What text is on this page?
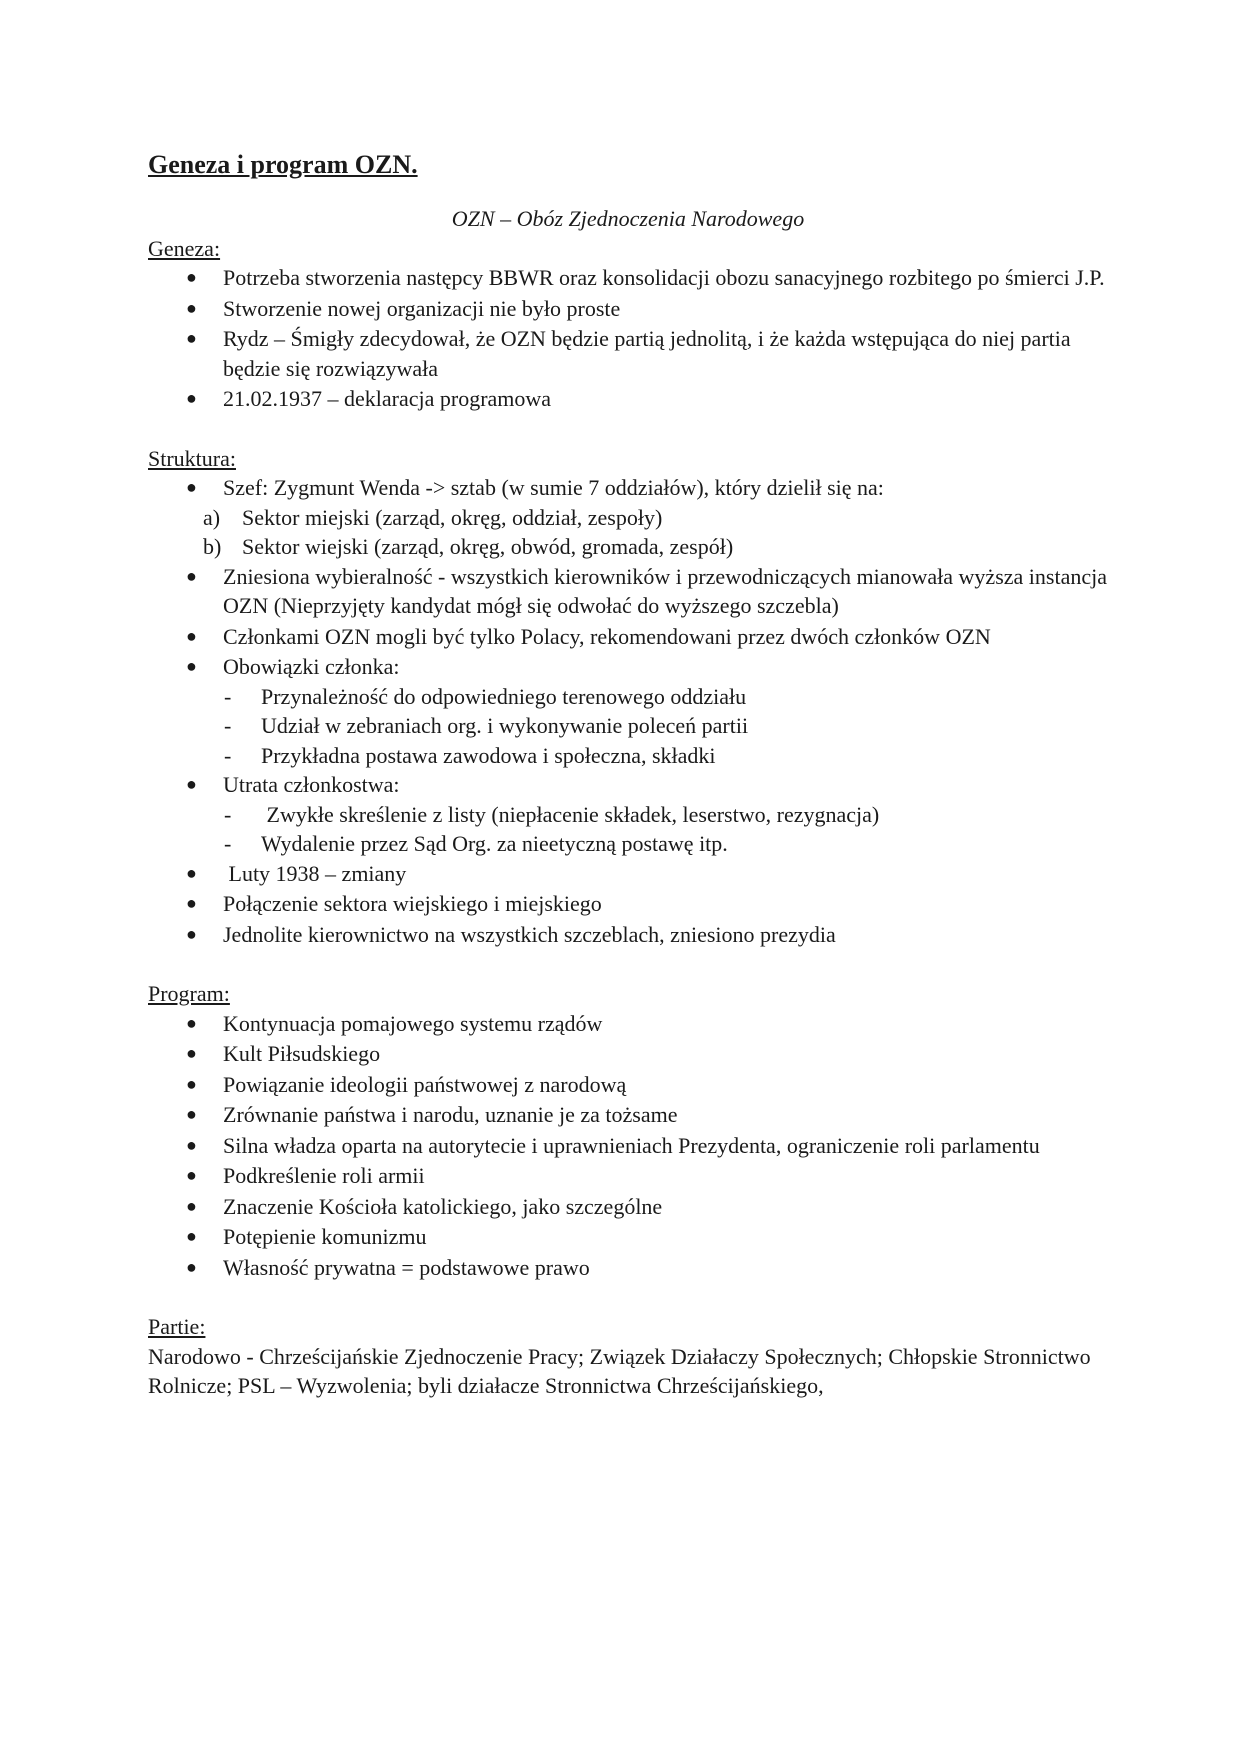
Geneza i program OZN.

OZN – Obóz Zjednoczenia Narodowego

Geneza:

● Potrzeba stworzenia następcy BBWR oraz konsolidacji obozu sanacyjnego rozbitego po śmierci J.P.
● Stworzenie nowej organizacji nie było proste
● Rydz – Śmigły zdecydował, że OZN będzie partią jednolitą, i że każda wstępująca do niej partia będzie się rozwiązywała
● 21.02.1937 – deklaracja programowa

Struktura:

● Szef: Zygmunt Wenda -> sztab (w sumie 7 oddziałów), który dzielił się na:
a) Sektor miejski (zarząd, okręg, oddział, zespoły)
b) Sektor wiejski (zarząd, okręg, obwód, gromada, zespół)
● Zniesiona wybieralność - wszystkich kierowników i przewodniczących mianowała wyższa instancja OZN (Nieprzyjęty kandydat mógł się odwołać do wyższego szczebla)
● Członkami OZN mogli być tylko Polacy, rekomendowani przez dwóch członków OZN
● Obowiązki członka:
- Przynależność do odpowiedniego terenowego oddziału
- Udział w zebraniach org. i wykonywanie poleceń partii
- Przykładna postawa zawodowa i społeczna, składki
● Utrata członkostwa:
- Zwykłe skreślenie z listy (niepłacenie składek, leserstwo, rezygnacja)
- Wydalenie przez Sąd Org. za nieetyczną postawę itp.
● Luty 1938 – zmiany
● Połączenie sektora wiejskiego i miejskiego
● Jednolite kierownictwo na wszystkich szczeblach, zniesiono prezydia

Program:

● Kontynuacja pomajowego systemu rządów
● Kult Piłsudskiego
● Powiązanie ideologii państwowej z narodową
● Zrównanie państwa i narodu, uznanie je za tożsame
● Silna władza oparta na autorytecie i uprawnieniach Prezydenta, ograniczenie roli parlamentu
● Podkreślenie roli armii
● Znaczenie Kościoła katolickiego, jako szczególne
● Potępienie komunizmu
● Własność prywatna = podstawowe prawo

Partie:

Narodowo - Chrześcijańskie Zjednoczenie Pracy; Związek Działaczy Społecznych; Chłopskie Stronnictwo Rolnicze; PSL – Wyzwolenia; byli działacze Stronnictwa Chrześcijańskiego,
